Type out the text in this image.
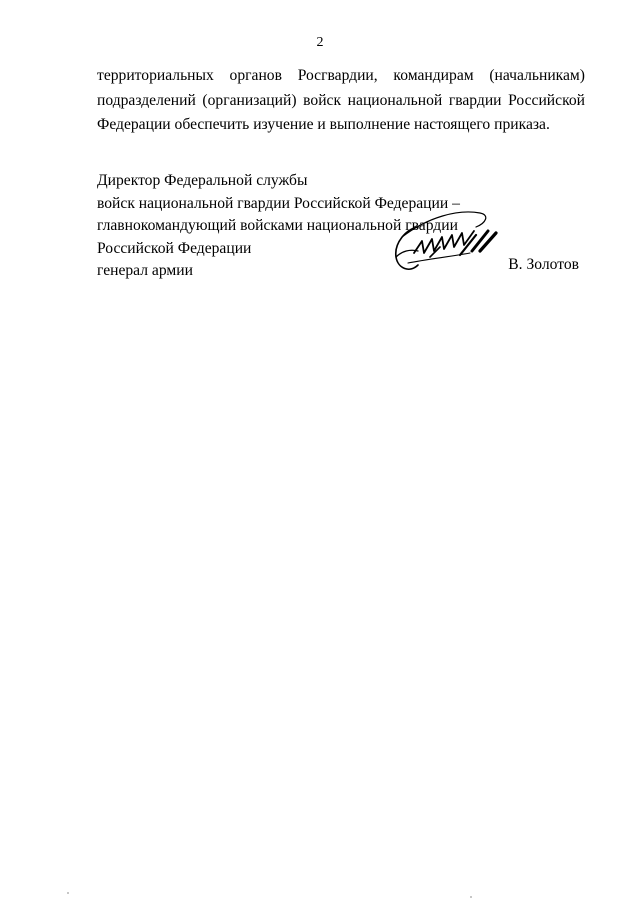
2
территориальных органов Росгвардии, командирам (начальникам)
подразделений (организаций) войск национальной гвардии Российской
Федерации обеспечить изучение и выполнение настоящего приказа.
Директор Федеральной службы
войск национальной гвардии Российской Федерации –
главнокомандующий войсками национальной гвардии
Российской Федерации
генерал армии	В. Золотов
